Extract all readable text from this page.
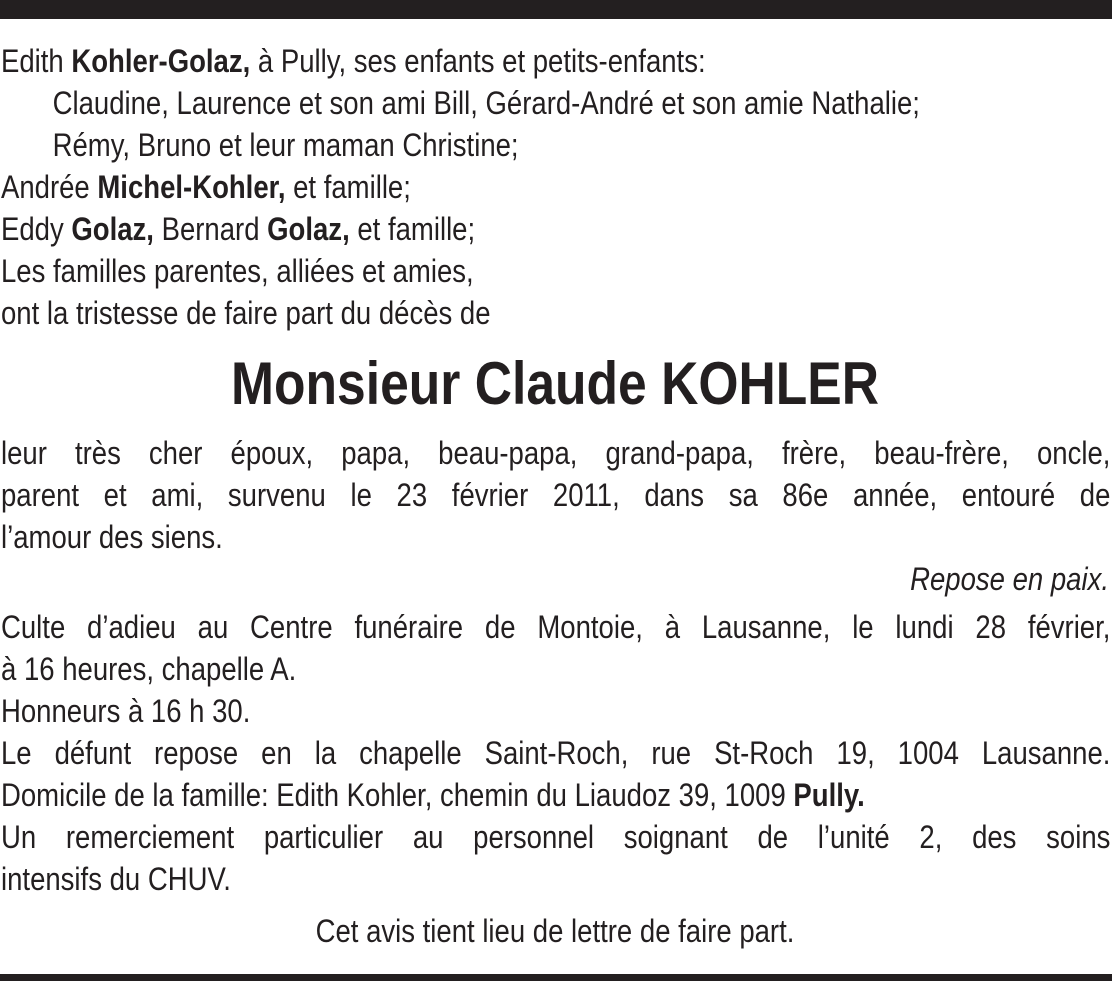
Edith Kohler-Golaz, à Pully, ses enfants et petits-enfants:
Claudine, Laurence et son ami Bill, Gérard-André et son amie Nathalie;
Rémy, Bruno et leur maman Christine;
Andrée Michel-Kohler, et famille;
Eddy Golaz, Bernard Golaz, et famille;
Les familles parentes, alliées et amies,
ont la tristesse de faire part du décès de
Monsieur Claude KOHLER
leur très cher époux, papa, beau-papa, grand-papa, frère, beau-frère, oncle,
parent et ami, survenu le 23 février 2011, dans sa 86e année, entouré de
l’amour des siens.
Repose en paix.
Culte d’adieu au Centre funéraire de Montoie, à Lausanne, le lundi 28 février,
à 16 heures, chapelle A.
Honneurs à 16 h 30.
Le défunt repose en la chapelle Saint-Roch, rue St-Roch 19, 1004 Lausanne.
Domicile de la famille: Edith Kohler, chemin du Liaudoz 39, 1009 Pully.
Un remerciement particulier au personnel soignant de l’unité 2, des soins
intensifs du CHUV.
Cet avis tient lieu de lettre de faire part.
